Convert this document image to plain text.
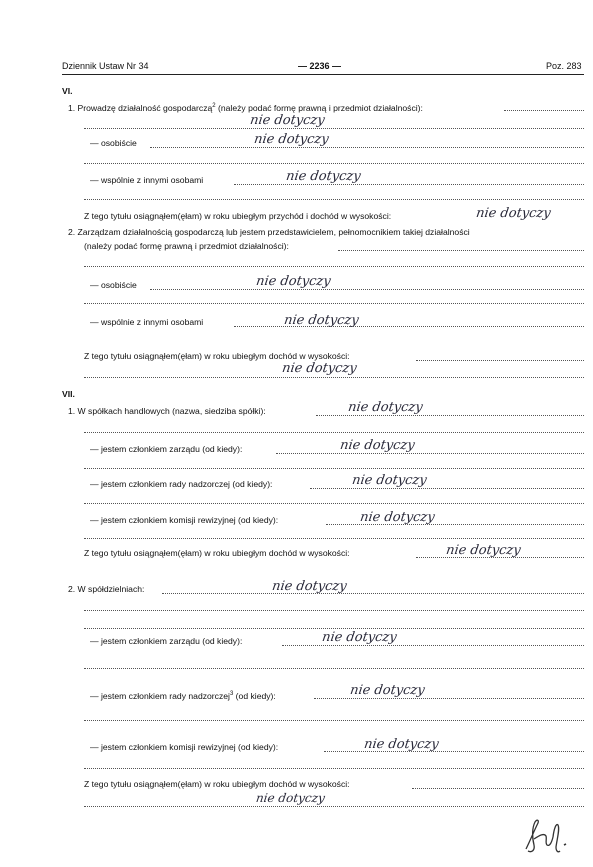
Dziennik Ustaw Nr 34	— 2236 —	Poz. 283
VI.
1. Prowadzę działalność gospodarczą$^2$ (należy podać formę prawną i przedmiot działalności):
nie dotyczy
— osobiście	nie dotyczy
— wspólnie z innymi osobami	nie dotyczy
Z tego tytułu osiągnąłem(ęłam) w roku ubiegłym przychód i dochód w wysokości:	nie dotyczy
2. Zarządzam działalnością gospodarczą lub jestem przedstawicielem, pełnomocnikiem takiej działalności
(należy podać formę prawną i przedmiot działalności):
— osobiście	nie dotyczy
— wspólnie z innymi osobami	nie dotyczy
Z tego tytułu osiągnąłem(ęłam) w roku ubiegłym dochód w wysokości:
nie dotyczy
VII.
1. W spółkach handlowych (nazwa, siedziba spółki):	nie dotyczy
— jestem członkiem zarządu (od kiedy):	nie dotyczy
— jestem członkiem rady nadzorczej (od kiedy):	nie dotyczy
— jestem członkiem komisji rewizyjnej (od kiedy):	nie dotyczy
Z tego tytułu osiągnąłem(ęłam) w roku ubiegłym dochód w wysokości:	nie dotyczy
2. W spółdzielniach:	nie dotyczy
— jestem członkiem zarządu (od kiedy):	nie dotyczy
— jestem członkiem rady nadzorczej$^3$ (od kiedy):	nie dotyczy
— jestem członkiem komisji rewizyjnej (od kiedy):	nie dotyczy
Z tego tytułu osiągnąłem(ęłam) w roku ubiegłym dochód w wysokości:
nie dotyczy
